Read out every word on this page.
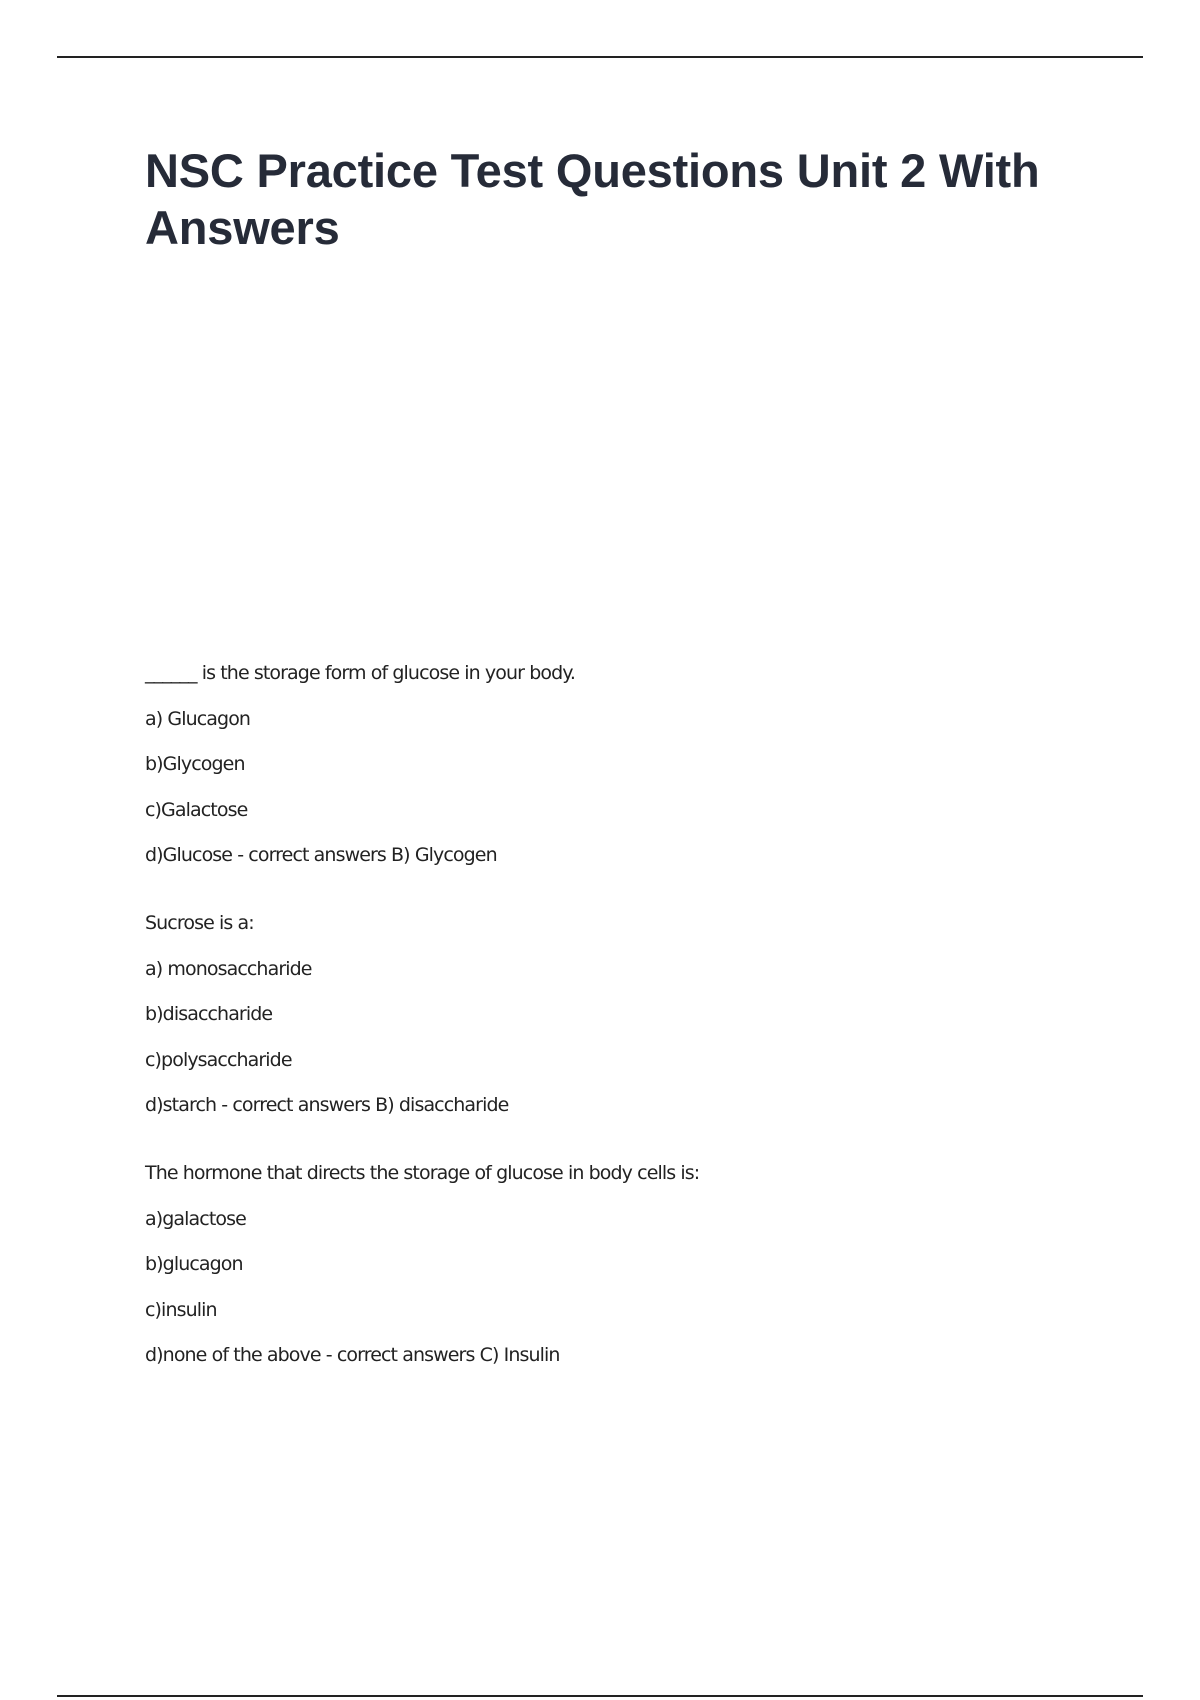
NSC Practice Test Questions Unit 2 With Answers
______ is the storage form of glucose in your body.
a) Glucagon
b)Glycogen
c)Galactose
d)Glucose - correct answers B) Glycogen
Sucrose is a:
a) monosaccharide
b)disaccharide
c)polysaccharide
d)starch - correct answers B) disaccharide
The hormone that directs the storage of glucose in body cells is:
a)galactose
b)glucagon
c)insulin
d)none of the above - correct answers C) Insulin
